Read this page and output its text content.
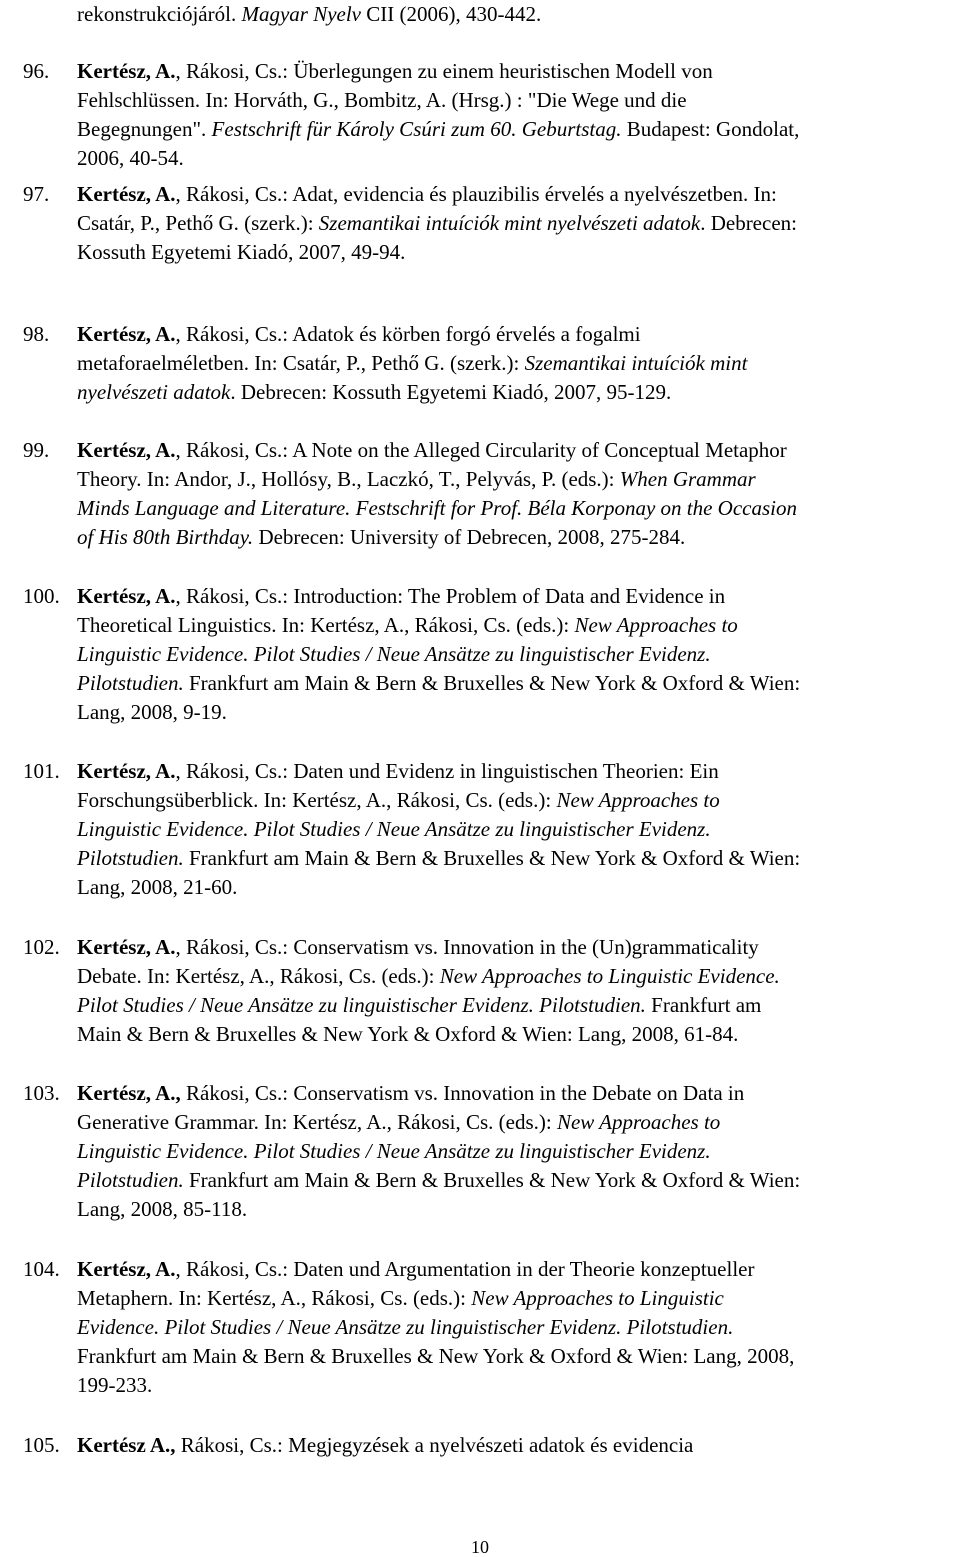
rekonstrukciójáról. Magyar Nyelv CII (2006), 430-442.
96. Kertész, A., Rákosi, Cs.: Überlegungen zu einem heuristischen Modell von
Fehlschlüssen. In: Horváth, G., Bombitz, A. (Hrsg.) : "Die Wege und die
Begegnungen". Festschrift für Károly Csúri zum 60. Geburtstag. Budapest: Gondolat,
2006, 40-54.
97. Kertész, A., Rákosi, Cs.: Adat, evidencia és plauzibilis érvelés a nyelvészetben. In:
Csatár, P., Pethő G. (szerk.): Szemantikai intuíciók mint nyelvészeti adatok. Debrecen:
Kossuth Egyetemi Kiadó, 2007, 49-94.
98. Kertész, A., Rákosi, Cs.: Adatok és körben forgó érvelés a fogalmi
metaforaelméletben. In: Csatár, P., Pethő G. (szerk.): Szemantikai intuíciók mint
nyelvészeti adatok. Debrecen: Kossuth Egyetemi Kiadó, 2007, 95-129.
99. Kertész, A., Rákosi, Cs.: A Note on the Alleged Circularity of Conceptual Metaphor
Theory. In: Andor, J., Hollósy, B., Laczkó, T., Pelyvás, P. (eds.): When Grammar
Minds Language and Literature. Festschrift for Prof. Béla Korponay on the Occasion
of His 80th Birthday. Debrecen: University of Debrecen, 2008, 275-284.
100. Kertész, A., Rákosi, Cs.: Introduction: The Problem of Data and Evidence in
Theoretical Linguistics. In: Kertész, A., Rákosi, Cs. (eds.): New Approaches to
Linguistic Evidence. Pilot Studies / Neue Ansätze zu linguistischer Evidenz.
Pilotstudien. Frankfurt am Main & Bern & Bruxelles & New York & Oxford & Wien:
Lang, 2008, 9-19.
101. Kertész, A., Rákosi, Cs.: Daten und Evidenz in linguistischen Theorien: Ein
Forschungsüberblick. In: Kertész, A., Rákosi, Cs. (eds.): New Approaches to
Linguistic Evidence. Pilot Studies / Neue Ansätze zu linguistischer Evidenz.
Pilotstudien. Frankfurt am Main & Bern & Bruxelles & New York & Oxford & Wien:
Lang, 2008, 21-60.
102. Kertész, A., Rákosi, Cs.: Conservatism vs. Innovation in the (Un)grammaticality
Debate. In: Kertész, A., Rákosi, Cs. (eds.): New Approaches to Linguistic Evidence.
Pilot Studies / Neue Ansätze zu linguistischer Evidenz. Pilotstudien. Frankfurt am
Main & Bern & Bruxelles & New York & Oxford & Wien: Lang, 2008, 61-84.
103. Kertész, A., Rákosi, Cs.: Conservatism vs. Innovation in the Debate on Data in
Generative Grammar. In: Kertész, A., Rákosi, Cs. (eds.): New Approaches to
Linguistic Evidence. Pilot Studies / Neue Ansätze zu linguistischer Evidenz.
Pilotstudien. Frankfurt am Main & Bern & Bruxelles & New York & Oxford & Wien:
Lang, 2008, 85-118.
104. Kertész, A., Rákosi, Cs.: Daten und Argumentation in der Theorie konzeptueller
Metaphern. In: Kertész, A., Rákosi, Cs. (eds.): New Approaches to Linguistic
Evidence. Pilot Studies / Neue Ansätze zu linguistischer Evidenz. Pilotstudien.
Frankfurt am Main & Bern & Bruxelles & New York & Oxford & Wien: Lang, 2008,
199-233.
105. Kertész A., Rákosi, Cs.: Megjegyzések a nyelvészeti adatok és evidencia
10
